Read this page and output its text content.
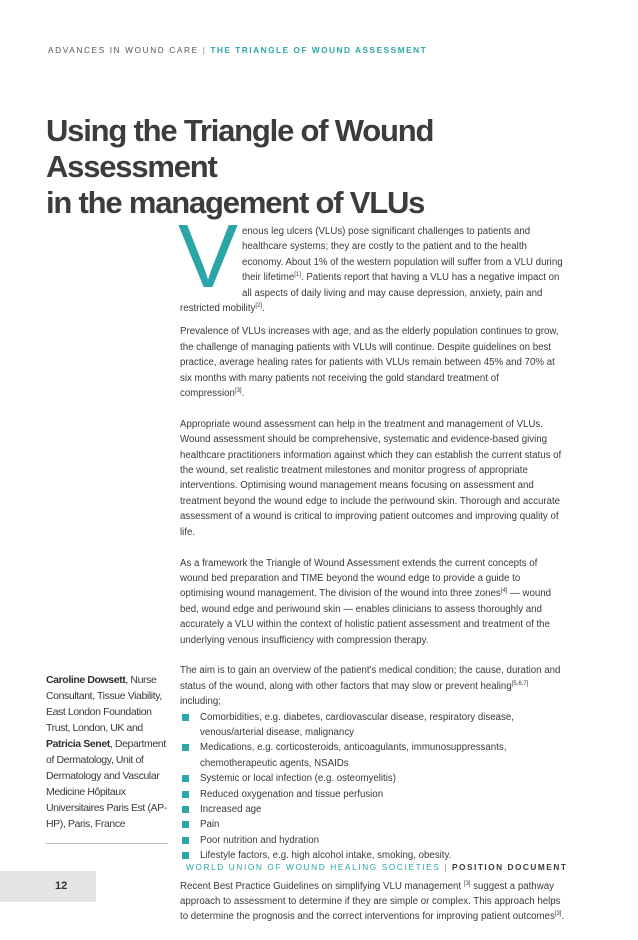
ADVANCES IN WOUND CARE | THE TRIANGLE OF WOUND ASSESSMENT
Using the Triangle of Wound Assessment
in the management of VLUs

Venous leg ulcers (VLUs) pose significant challenges to patients and healthcare systems; they are costly to the patient and to the health economy. About 1% of the western population will suffer from a VLU during their lifetime[1]. Patients report that having a VLU has a negative impact on all aspects of daily living and may cause depression, anxiety, pain and restricted mobility[2].

Prevalence of VLUs increases with age, and as the elderly population continues to grow, the challenge of managing patients with VLUs will continue. Despite guidelines on best practice, average healing rates for patients with VLUs remain between 45% and 70% at six months with many patients not receiving the gold standard treatment of compression[3].

Appropriate wound assessment can help in the treatment and management of VLUs. Wound assessment should be comprehensive, systematic and evidence-based giving healthcare practitioners information against which they can establish the current status of the wound, set realistic treatment milestones and monitor progress of appropriate interventions. Optimising wound management means focusing on assessment and treatment beyond the wound edge to include the periwound skin. Thorough and accurate assessment of a wound is critical to improving patient outcomes and improving quality of life.

As a framework the Triangle of Wound Assessment extends the current concepts of wound bed preparation and TIME beyond the wound edge to provide a guide to optimising wound management. The division of the wound into three zones[4] — wound bed, wound edge and periwound skin — enables clinicians to assess thoroughly and accurately a VLU within the context of holistic patient assessment and treatment of the underlying venous insufficiency with compression therapy.

The aim is to gain an overview of the patient's medical condition; the cause, duration and status of the wound, along with other factors that may slow or prevent healing[5,6,7] including;

Comorbidities, e.g. diabetes, cardiovascular disease, respiratory disease, venous/arterial disease, malignancy
Medications, e.g. corticosteroids, anticoagulants, immunosuppressants, chemotherapeutic agents, NSAIDs
Systemic or local infection (e.g. osteomyelitis)
Reduced oxygenation and tissue perfusion
Increased age
Pain
Poor nutrition and hydration
Lifestyle factors, e.g. high alcohol intake, smoking, obesity.

Recent Best Practice Guidelines on simplifying VLU management [3] suggest a pathway approach to assessment to determine if they are simple or complex. This approach helps to determine the prognosis and the correct interventions for improving patient outcomes[3].

Caroline Dowsett, Nurse Consultant, Tissue Viability, East London Foundation Trust, London, UK and Patricia Senet, Department of Dermatology, Unit of Dermatology and Vascular Medicine Hôpitaux Universitaires Paris Est (AP-HP), Paris, France
WORLD UNION OF WOUND HEALING SOCIETIES | POSITION DOCUMENT
12
